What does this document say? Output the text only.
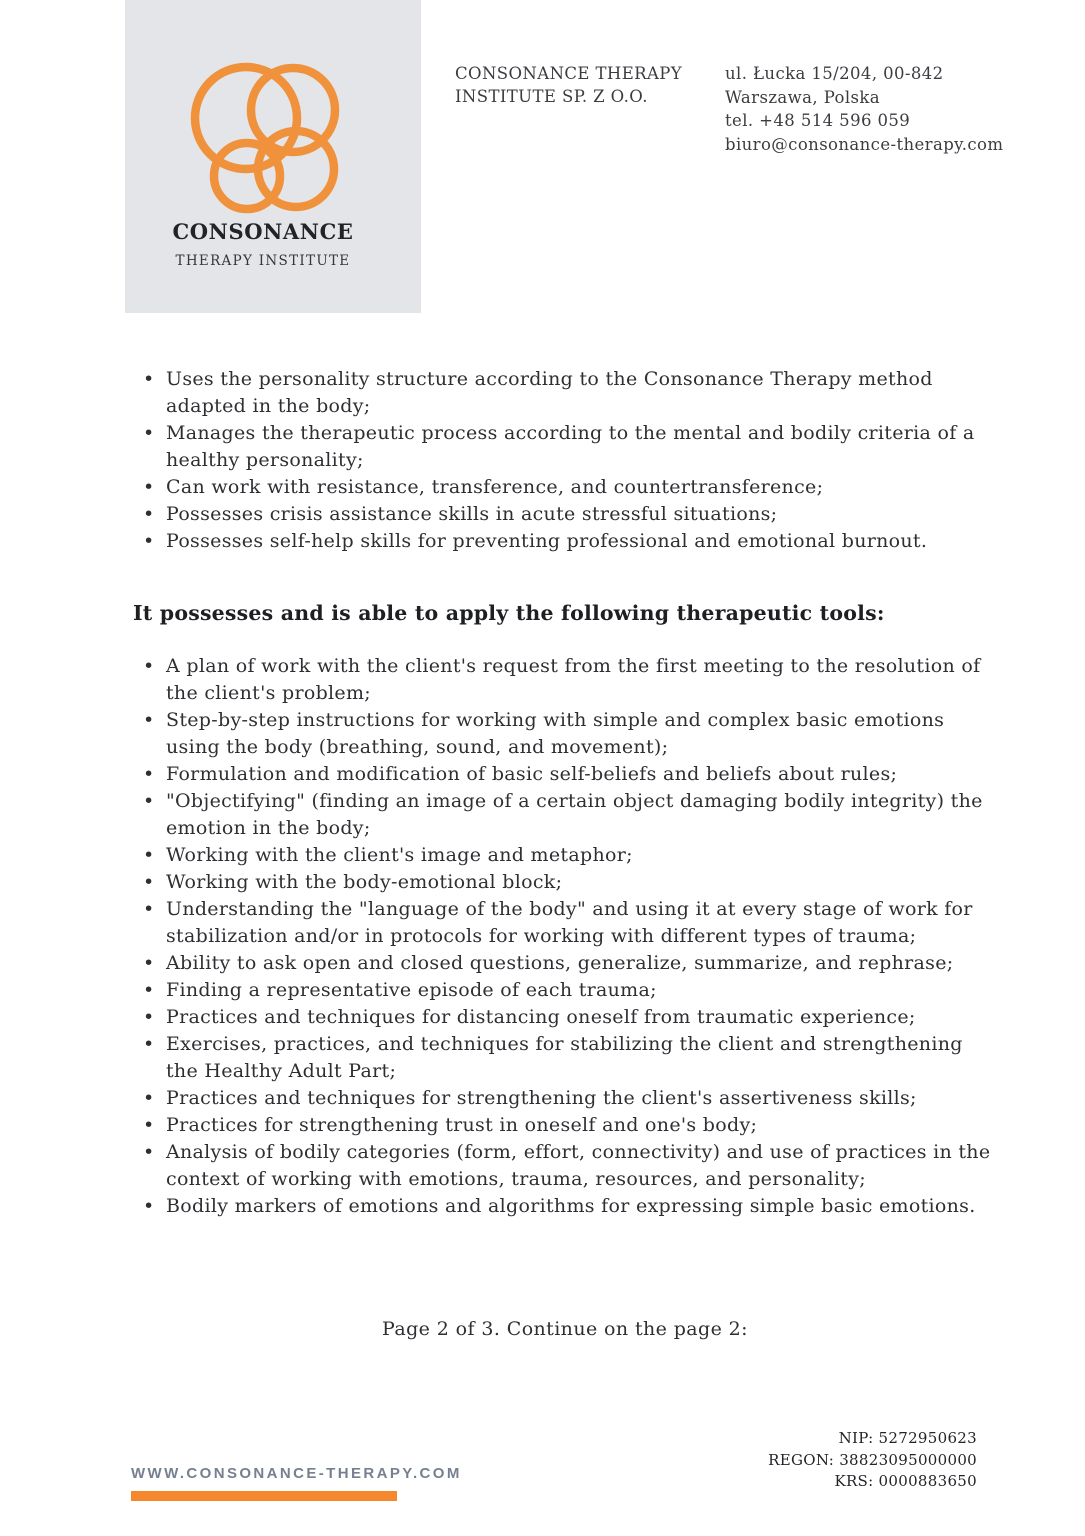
CONSONANCE
THERAPY INSTITUTE
CONSONANCE THERAPY
INSTITUTE SP. Z O.O.
ul. Łucka 15/204, 00-842
Warszawa, Polska
tel. +48 514 596 059
biuro@consonance-therapy.com
• Uses the personality structure according to the Consonance Therapy method adapted in the body;
• Manages the therapeutic process according to the mental and bodily criteria of a healthy personality;
• Can work with resistance, transference, and countertransference;
• Possesses crisis assistance skills in acute stressful situations;
• Possesses self-help skills for preventing professional and emotional burnout.
It possesses and is able to apply the following therapeutic tools:
• A plan of work with the client's request from the first meeting to the resolution of the client's problem;
• Step-by-step instructions for working with simple and complex basic emotions using the body (breathing, sound, and movement);
• Formulation and modification of basic self-beliefs and beliefs about rules;
• "Objectifying" (finding an image of a certain object damaging bodily integrity) the emotion in the body;
• Working with the client's image and metaphor;
• Working with the body-emotional block;
• Understanding the "language of the body" and using it at every stage of work for stabilization and/or in protocols for working with different types of trauma;
• Ability to ask open and closed questions, generalize, summarize, and rephrase;
• Finding a representative episode of each trauma;
• Practices and techniques for distancing oneself from traumatic experience;
• Exercises, practices, and techniques for stabilizing the client and strengthening the Healthy Adult Part;
• Practices and techniques for strengthening the client's assertiveness skills;
• Practices for strengthening trust in oneself and one's body;
• Analysis of bodily categories (form, effort, connectivity) and use of practices in the context of working with emotions, trauma, resources, and personality;
• Bodily markers of emotions and algorithms for expressing simple basic emotions.
Page 2 of 3. Continue on the page 2:
NIP: 5272950623
REGON: 38823095000000
KRS: 0000883650
WWW.CONSONANCE-THERAPY.COM
